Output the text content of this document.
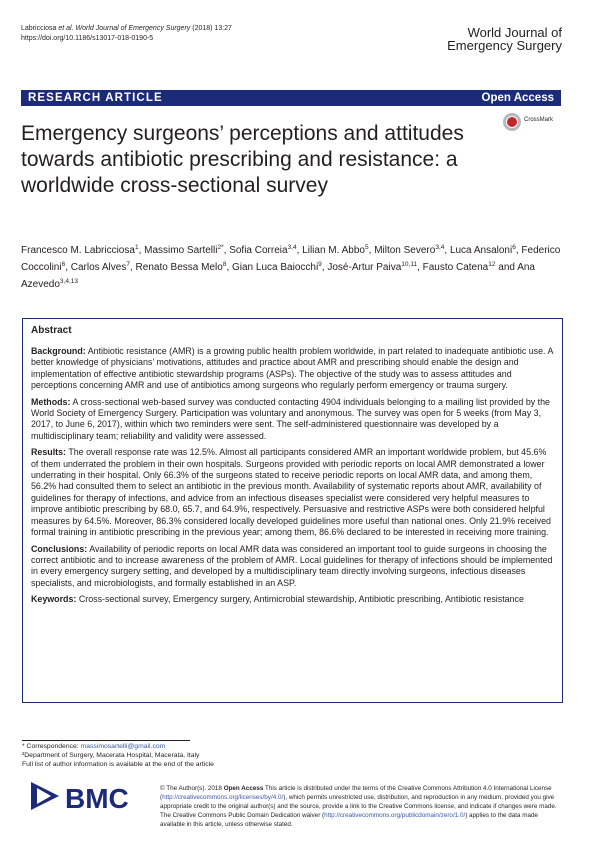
Labricciosa et al. World Journal of Emergency Surgery (2018) 13:27
https://doi.org/10.1186/s13017-018-0190-5	World Journal of
Emergency Surgery
RESEARCH ARTICLE	Open Access
Emergency surgeons’ perceptions and attitudes towards antibiotic prescribing and resistance: a worldwide cross-sectional survey
CrossMark
Francesco M. Labricciosa$^1$, Massimo Sartelli$^{2*}$, Sofia Correia$^{3,4}$, Lilian M. Abbo$^5$, Milton Severo$^{3,4}$, Luca Ansaloni$^6$, Federico Coccolini$^6$, Carlos Alves$^7$, Renato Bessa Melo$^8$, Gian Luca Baiocchi$^9$, José-Artur Paiva$^{10,11}$, Fausto Catena$^{12}$ and Ana Azevedo$^{3,4,13}$
Abstract

Background: Antibiotic resistance (AMR) is a growing public health problem worldwide, in part related to inadequate antibiotic use. A better knowledge of physicians’ motivations, attitudes and practice about AMR and prescribing should enable the design and implementation of effective antibiotic stewardship programs (ASPs). The objective of the study was to assess attitudes and perceptions concerning AMR and use of antibiotics among surgeons who regularly perform emergency or trauma surgery.

Methods: A cross-sectional web-based survey was conducted contacting 4904 individuals belonging to a mailing list provided by the World Society of Emergency Surgery. Participation was voluntary and anonymous. The survey was open for 5 weeks (from May 3, 2017, to June 6, 2017), within which two reminders were sent. The self-administered questionnaire was developed by a multidisciplinary team; reliability and validity were assessed.

Results: The overall response rate was 12.5%. Almost all participants considered AMR an important worldwide problem, but 45.6% of them underrated the problem in their own hospitals. Surgeons provided with periodic reports on local AMR demonstrated a lower underrating in their hospital. Only 66.3% of the surgeons stated to receive periodic reports on local AMR data, and among them, 56.2% had consulted them to select an antibiotic in the previous month. Availability of systematic reports about AMR, availability of guidelines for therapy of infections, and advice from an infectious diseases specialist were considered very helpful measures to improve antibiotic prescribing by 68.0, 65.7, and 64.9%, respectively. Persuasive and restrictive ASPs were both considered helpful measures by 64.5%. Moreover, 86.3% considered locally developed guidelines more useful than national ones. Only 21.9% received formal training in antibiotic prescribing in the previous year; among them, 86.6% declared to be interested in receiving more training.

Conclusions: Availability of periodic reports on local AMR data was considered an important tool to guide surgeons in choosing the correct antibiotic and to increase awareness of the problem of AMR. Local guidelines for therapy of infections should be implemented in every emergency surgery setting, and developed by a multidisciplinary team directly involving surgeons, infectious diseases specialists, and microbiologists, and formally established in an ASP.

Keywords: Cross-sectional survey, Emergency surgery, Antimicrobial stewardship, Antibiotic prescribing, Antibiotic resistance

* Correspondence: massimosartelli@gmail.com
²Department of Surgery, Macerata Hospital, Macerata, Italy
Full list of author information is available at the end of the article
BMC	© The Author(s). 2018 Open Access This article is distributed under the terms of the Creative Commons Attribution 4.0 International License (http://creativecommons.org/licenses/by/4.0/), which permits unrestricted use, distribution, and reproduction in any medium, provided you give appropriate credit to the original author(s) and the source, provide a link to the Creative Commons license, and indicate if changes were made. The Creative Commons Public Domain Dedication waiver (http://creativecommons.org/publicdomain/zero/1.0/) applies to the data made available in this article, unless otherwise stated.
